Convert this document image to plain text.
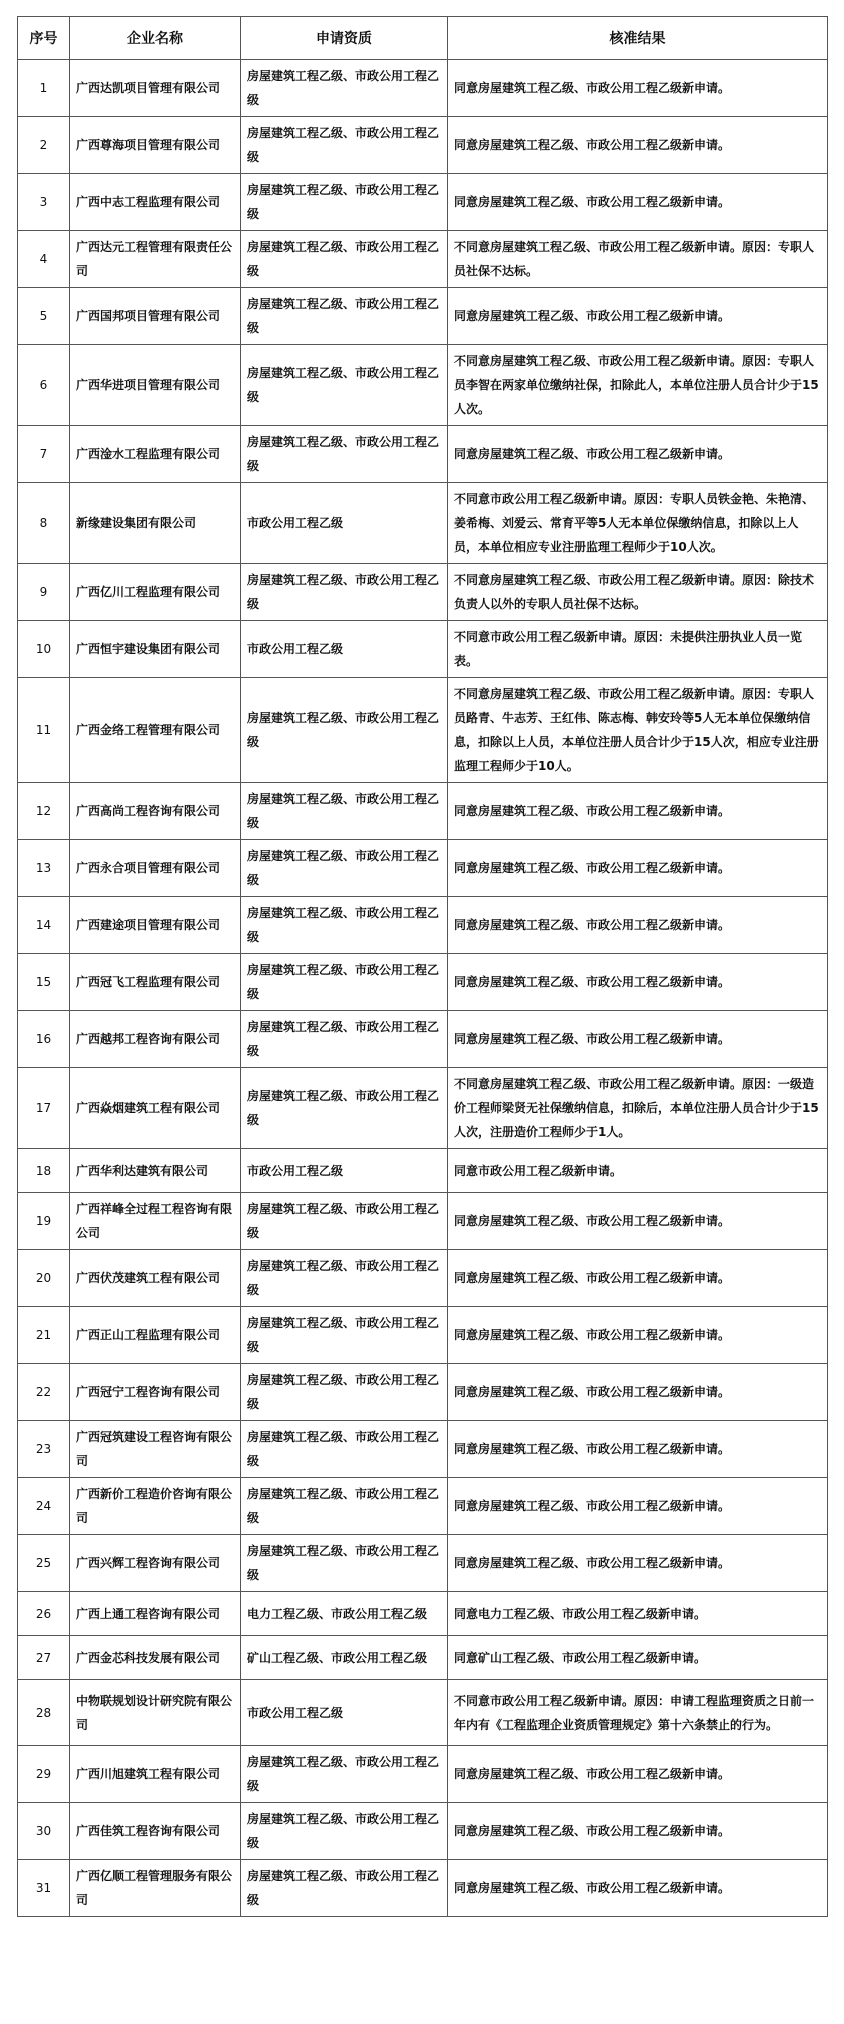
序号	企业名称	申请资质	核准结果
1	广西达凯项目管理有限公司	房屋建筑工程乙级、市政公用工程乙级	同意房屋建筑工程乙级、市政公用工程乙级新申请。
2	广西尊海项目管理有限公司	房屋建筑工程乙级、市政公用工程乙级	同意房屋建筑工程乙级、市政公用工程乙级新申请。
3	广西中志工程监理有限公司	房屋建筑工程乙级、市政公用工程乙级	同意房屋建筑工程乙级、市政公用工程乙级新申请。
4	广西达元工程管理有限责任公司	房屋建筑工程乙级、市政公用工程乙级	不同意房屋建筑工程乙级、市政公用工程乙级新申请。原因：专职人员社保不达标。
5	广西国邦项目管理有限公司	房屋建筑工程乙级、市政公用工程乙级	同意房屋建筑工程乙级、市政公用工程乙级新申请。
6	广西华进项目管理有限公司	房屋建筑工程乙级、市政公用工程乙级	不同意房屋建筑工程乙级、市政公用工程乙级新申请。原因：专职人员李智在两家单位缴纳社保，扣除此人，本单位注册人员合计少于15人次。
7	广西淦水工程监理有限公司	房屋建筑工程乙级、市政公用工程乙级	同意房屋建筑工程乙级、市政公用工程乙级新申请。
8	新缘建设集团有限公司	市政公用工程乙级	不同意市政公用工程乙级新申请。原因：专职人员铁金艳、朱艳清、姜希梅、刘爱云、常育平等5人无本单位保缴纳信息，扣除以上人员，本单位相应专业注册监理工程师少于10人次。
9	广西亿川工程监理有限公司	房屋建筑工程乙级、市政公用工程乙级	不同意房屋建筑工程乙级、市政公用工程乙级新申请。原因：除技术负责人以外的专职人员社保不达标。
10	广西恒宇建设集团有限公司	市政公用工程乙级	不同意市政公用工程乙级新申请。原因：未提供注册执业人员一览表。
11	广西金络工程管理有限公司	房屋建筑工程乙级、市政公用工程乙级	不同意房屋建筑工程乙级、市政公用工程乙级新申请。原因：专职人员路青、牛志芳、王红伟、陈志梅、韩安玲等5人无本单位保缴纳信息，扣除以上人员，本单位注册人员合计少于15人次，相应专业注册监理工程师少于10人。
12	广西高尚工程咨询有限公司	房屋建筑工程乙级、市政公用工程乙级	同意房屋建筑工程乙级、市政公用工程乙级新申请。
13	广西永合项目管理有限公司	房屋建筑工程乙级、市政公用工程乙级	同意房屋建筑工程乙级、市政公用工程乙级新申请。
14	广西建途项目管理有限公司	房屋建筑工程乙级、市政公用工程乙级	同意房屋建筑工程乙级、市政公用工程乙级新申请。
15	广西冠飞工程监理有限公司	房屋建筑工程乙级、市政公用工程乙级	同意房屋建筑工程乙级、市政公用工程乙级新申请。
16	广西越邦工程咨询有限公司	房屋建筑工程乙级、市政公用工程乙级	同意房屋建筑工程乙级、市政公用工程乙级新申请。
17	广西焱烟建筑工程有限公司	房屋建筑工程乙级、市政公用工程乙级	不同意房屋建筑工程乙级、市政公用工程乙级新申请。原因：一级造价工程师梁贤无社保缴纳信息，扣除后，本单位注册人员合计少于15人次，注册造价工程师少于1人。
18	广西华利达建筑有限公司	市政公用工程乙级	同意市政公用工程乙级新申请。
19	广西祥峰全过程工程咨询有限公司	房屋建筑工程乙级、市政公用工程乙级	同意房屋建筑工程乙级、市政公用工程乙级新申请。
20	广西伏茂建筑工程有限公司	房屋建筑工程乙级、市政公用工程乙级	同意房屋建筑工程乙级、市政公用工程乙级新申请。
21	广西正山工程监理有限公司	房屋建筑工程乙级、市政公用工程乙级	同意房屋建筑工程乙级、市政公用工程乙级新申请。
22	广西冠宁工程咨询有限公司	房屋建筑工程乙级、市政公用工程乙级	同意房屋建筑工程乙级、市政公用工程乙级新申请。
23	广西冠筑建设工程咨询有限公司	房屋建筑工程乙级、市政公用工程乙级	同意房屋建筑工程乙级、市政公用工程乙级新申请。
24	广西新价工程造价咨询有限公司	房屋建筑工程乙级、市政公用工程乙级	同意房屋建筑工程乙级、市政公用工程乙级新申请。
25	广西兴辉工程咨询有限公司	房屋建筑工程乙级、市政公用工程乙级	同意房屋建筑工程乙级、市政公用工程乙级新申请。
26	广西上通工程咨询有限公司	电力工程乙级、市政公用工程乙级	同意电力工程乙级、市政公用工程乙级新申请。
27	广西金芯科技发展有限公司	矿山工程乙级、市政公用工程乙级	同意矿山工程乙级、市政公用工程乙级新申请。
28	中物联规划设计研究院有限公司	市政公用工程乙级	不同意市政公用工程乙级新申请。原因：申请工程监理资质之日前一年内有《工程监理企业资质管理规定》第十六条禁止的行为。
29	广西川旭建筑工程有限公司	房屋建筑工程乙级、市政公用工程乙级	同意房屋建筑工程乙级、市政公用工程乙级新申请。
30	广西佳筑工程咨询有限公司	房屋建筑工程乙级、市政公用工程乙级	同意房屋建筑工程乙级、市政公用工程乙级新申请。
31	广西亿顺工程管理服务有限公司	房屋建筑工程乙级、市政公用工程乙级	同意房屋建筑工程乙级、市政公用工程乙级新申请。
